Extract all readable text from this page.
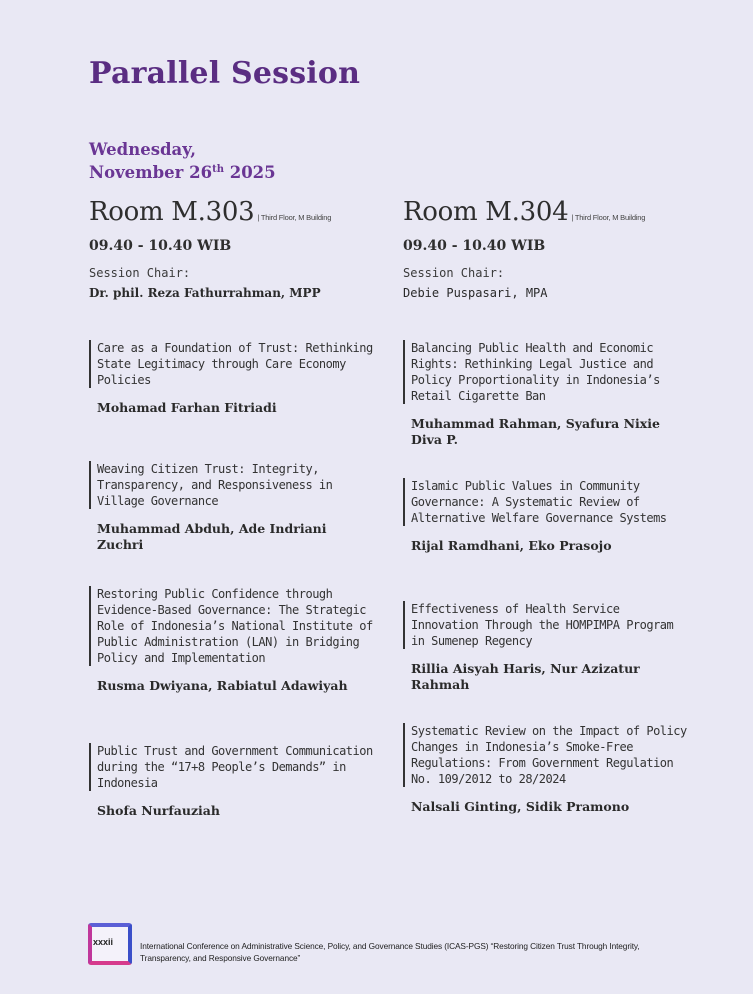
Parallel Session
Wednesday,
November 26th 2025
Room M.303 | Third Floor, M Building
09.40 - 10.40 WIB
Session Chair:
Dr. phil. Reza Fathurrahman, MPP
Care as a Foundation of Trust: Rethinking State Legitimacy through Care Economy Policies
Mohamad Farhan Fitriadi
Weaving Citizen Trust: Integrity, Transparency, and Responsiveness in Village Governance
Muhammad Abduh, Ade Indriani Zuchri
Restoring Public Confidence through Evidence-Based Governance: The Strategic Role of Indonesia’s National Institute of Public Administration (LAN) in Bridging Policy and Implementation
Rusma Dwiyana, Rabiatul Adawiyah
Public Trust and Government Communication during the “17+8 People’s Demands” in Indonesia
Shofa Nurfauziah
Room M.304 | Third Floor, M Building
09.40 - 10.40 WIB
Session Chair:
Debie Puspasari, MPA
Balancing Public Health and Economic Rights: Rethinking Legal Justice and Policy Proportionality in Indonesia’s Retail Cigarette Ban
Muhammad Rahman, Syafura Nixie Diva P.
Islamic Public Values in Community Governance: A Systematic Review of Alternative Welfare Governance Systems
Rijal Ramdhani, Eko Prasojo
Effectiveness of Health Service Innovation Through the HOMPIMPA Program in Sumenep Regency
Rillia Aisyah Haris, Nur Azizatur Rahmah
Systematic Review on the Impact of Policy Changes in Indonesia’s Smoke-Free Regulations: From Government Regulation No. 109/2012 to 28/2024
Nalsali Ginting, Sidik Pramono
xxxii	International Conference on Administrative Science, Policy, and Governance Studies (ICAS-PGS) “Restoring Citizen Trust Through Integrity, Transparency, and Responsive Governance”
